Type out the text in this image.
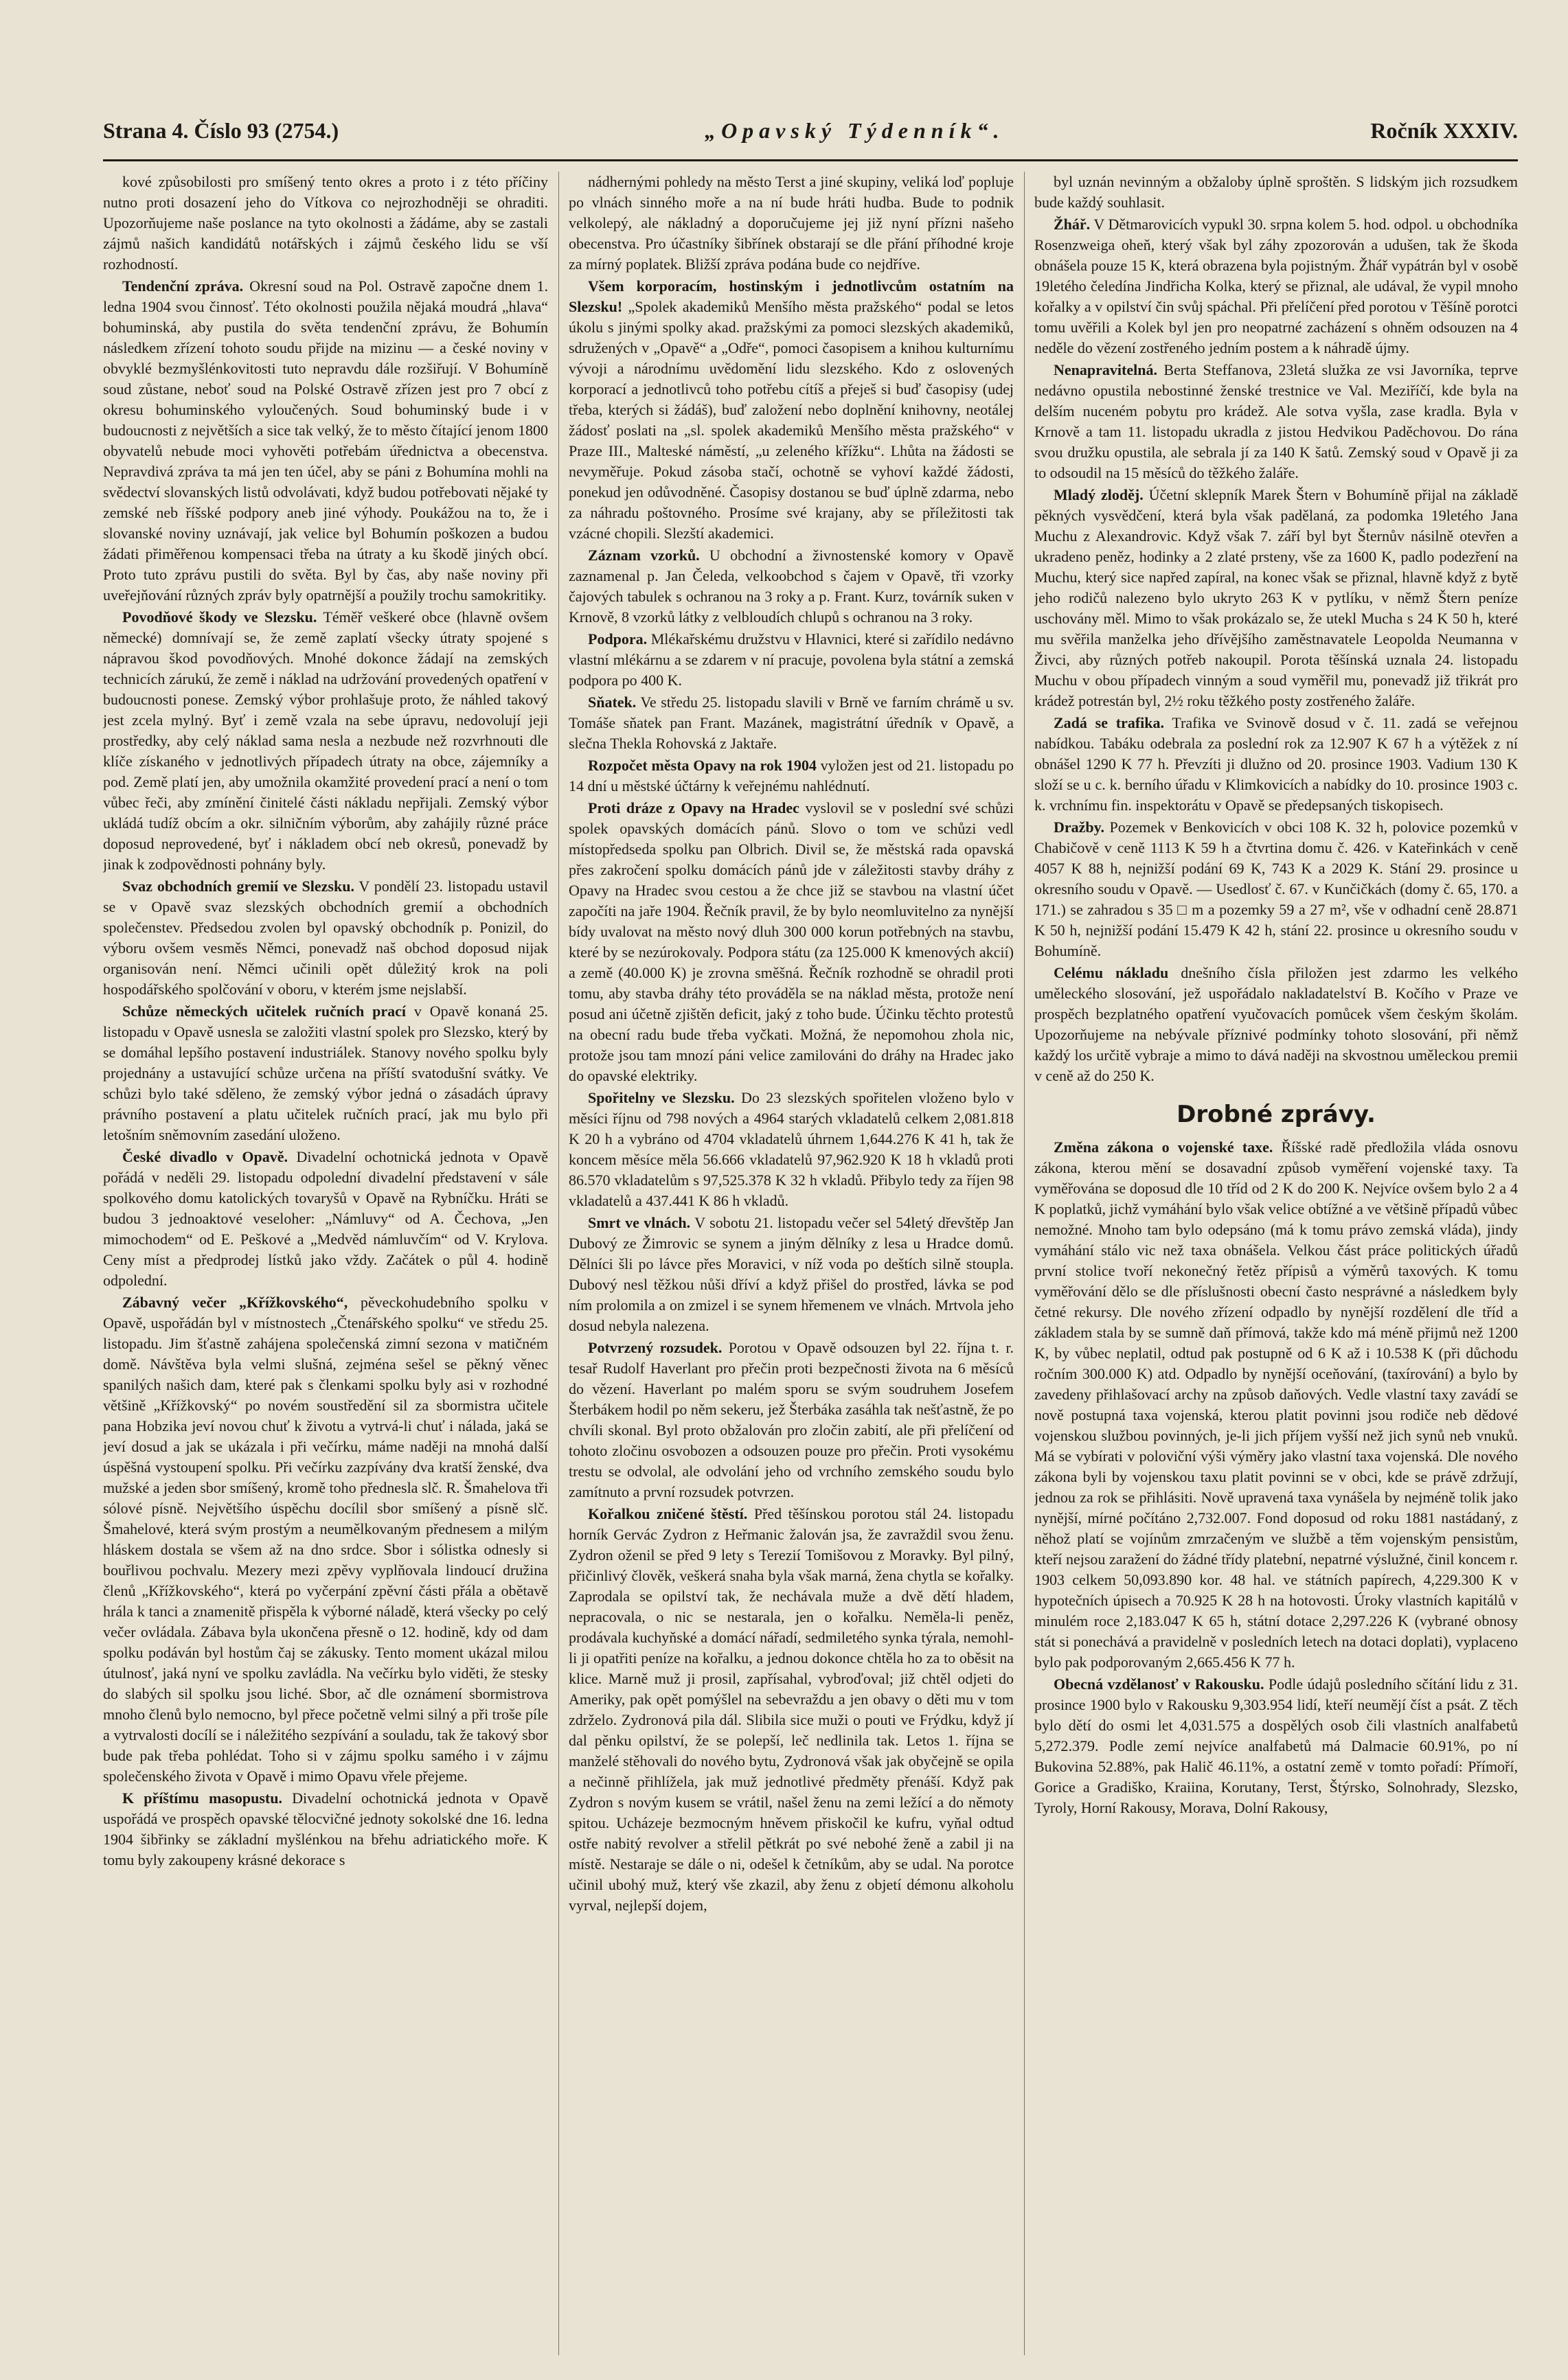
Strana 4. Číslo 93 (2754.)	„Opavský Týdenník“.	Ročník XXXIV.

kové způsobilosti pro smíšený tento okres a proto i z této příčiny nutno proti dosazení jeho do Vítkova co nejrozhodněji se ohraditi. Upozorňujeme naše poslance na tyto okolnosti a žádáme, aby se zastali zájmů našich kandidátů notářských i zájmů českého lidu se vší rozhodností.

Tendenční zpráva. Okresní soud na Pol. Ostravě započne dnem 1. ledna 1904 svou činnosť. Této okolnosti použila nějaká moudrá „hlava“ bohuminská, aby pustila do světa tendenční zprávu, že Bohumín následkem zřízení tohoto soudu přijde na mizinu — a české noviny v obvyklé bezmyšlénkovitosti tuto nepravdu dále rozšiřují. V Bohumíně soud zůstane, neboť soud na Polské Ostravě zřízen jest pro 7 obcí z okresu bohuminského vyloučených. Soud bohuminský bude i v budoucnosti z největších a sice tak velký, že to město čítající jenom 1800 obyvatelů nebude moci vyhověti potřebám úřednictva a obecenstva. Nepravdivá zpráva ta má jen ten účel, aby se páni z Bohumína mohli na svědectví slovanských listů odvolávati, když budou potřebovati nějaké ty zemské neb říšské podpory aneb jiné výhody. Poukážou na to, že i slovanské noviny uznávají, jak velice byl Bohumín poškozen a budou žádati přiměřenou kompensaci třeba na útraty a ku škodě jiných obcí. Proto tuto zprávu pustili do světa. Byl by čas, aby naše noviny při uveřejňování různých zpráv byly opatrnější a použily trochu samokritiky.

Povodňové škody ve Slezsku. Téměř veškeré obce (hlavně ovšem německé) domnívají se, že země zaplatí všecky útraty spojené s nápravou škod povodňových. Mnohé dokonce žádají na zemských technicích zárukú, že země i náklad na udržování provedených opatření v budoucnosti ponese. Zemský výbor prohlašuje proto, že náhled takový jest zcela mylný. Byť i země vzala na sebe úpravu, nedovolují jeji prostředky, aby celý náklad sama nesla a nezbude než rozvrhnouti dle klíče získaného v jednotlivých případech útraty na obce, zájemníky a pod. Země platí jen, aby umožnila okamžité provedení prací a není o tom vůbec řeči, aby zmínění činitelé části nákladu nepřijali. Zemský výbor ukládá tudíž obcím a okr. silničním výborům, aby zahájily různé práce doposud neprovedené, byť i nákladem obcí neb okresů, ponevadž by jinak k zodpovědnosti pohnány byly.

Svaz obchodních gremií ve Slezsku. V pondělí 23. listopadu ustavil se v Opavě svaz slezských obchodních gremií a obchodních společenstev. Předsedou zvolen byl opavský obchodník p. Ponizil, do výboru ovšem vesměs Němci, ponevadž naš obchod doposud nijak organisován není. Němci učinili opět důležitý krok na poli hospodářského spolčování v oboru, v kterém jsme nejslabší.

Schůze německých učitelek ručních prací v Opavě konaná 25. listopadu v Opavě usnesla se založiti vlastní spolek pro Slezsko, který by se domáhal lepšího postavení industriálek. Stanovy nového spolku byly projednány a ustavující schůze určena na příští svatodušní svátky. Ve schůzi bylo také sděleno, že zemský výbor jedná o zásadách úpravy právního postavení a platu učitelek ručních prací, jak mu bylo při letošním sněmovním zasedání uloženo.

České divadlo v Opavě. Divadelní ochotnická jednota v Opavě pořádá v neděli 29. listopadu odpolední divadelní představení v sále spolkového domu katolických tovaryšů v Opavě na Rybníčku. Hráti se budou 3 jednoaktové veseloher: „Námluvy“ od A. Čechova, „Jen mimochodem“ od E. Peškové a „Medvěd námluvčím“ od V. Krylova. Ceny míst a předprodej lístků jako vždy. Začátek o půl 4. hodině odpolední.

Zábavný večer „Křížkovského“, pěveckohudebního spolku v Opavě, uspořádán byl v místnostech „Čtenářského spolku“ ve středu 25. listopadu. Jim šťastně zahájena společenská zimní sezona v matičném domě. Návštěva byla velmi slušná, zejména sešel se pěkný věnec spanilých našich dam, které pak s členkami spolku byly asi v rozhodné většině „Křížkovský“ po novém soustředění sil za sbormistra učitele pana Hobzika jeví novou chuť k životu a vytrvá-li chuť i nálada, jaká se jeví dosud a jak se ukázala i při večírku, máme naději na mnohá další úspěšná vystoupení spolku. Při večírku zazpívány dva kratší ženské, dva mužské a jeden sbor smíšený, kromě toho přednesla slč. R. Šmahelova tři sólové písně. Největšího úspěchu docílil sbor smíšený a písně slč. Šmahelové, která svým prostým a neumělkovaným přednesem a milým hláskem dostala se všem až na dno srdce. Sbor i sólistka odnesly si bouřlivou pochvalu. Mezery mezi zpěvy vyplňovala lindoucí družina členů „Křížkovského“, která po vyčerpání zpěvní části přála a obětavě hrála k tanci a znamenitě přispěla k výborné náladě, která všecky po celý večer ovládala. Zábava byla ukončena přesně o 12. hodině, kdy od dam spolku podáván byl hostům čaj se zákusky. Tento moment ukázal milou útulnosť, jaká nyní ve spolku zavládla. Na večírku bylo viděti, že stesky do slabých sil spolku jsou liché. Sbor, ač dle oznámení sbormistrova mnoho členů bylo nemocno, byl přece početně velmi silný a při troše píle a vytrvalosti docílí se i náležitého sezpívání a souladu, tak že takový sbor bude pak třeba pohlédat. Toho si v zájmu spolku samého i v zájmu společenského života v Opavě i mimo Opavu vřele přejeme.

K příštímu masopustu. Divadelní ochotnická jednota v Opavě uspořádá ve prospěch opavské tělocvičné jednoty sokolské dne 16. ledna 1904 šibřinky se základní myšlénkou na břehu adriatického moře. K tomu byly zakoupeny krásné dekorace s

nádhernými pohledy na město Terst a jiné skupiny, veliká loď popluje po vlnách sinného moře a na ní bude hráti hudba. Bude to podnik velkolepý, ale nákladný a doporučujeme jej již nyní přízni našeho obecenstva. Pro účastníky šibřínek obstarají se dle přání příhodné kroje za mírný poplatek. Bližší zpráva podána bude co nejdříve.

Všem korporacím, hostinským i jednotlivcům ostatním na Slezsku! „Spolek akademiků Menšího města pražského“ podal se letos úkolu s jinými spolky akad. pražskými za pomoci slezských akademiků, sdružených v „Opavě“ a „Odře“, pomoci časopisem a knihou kulturnímu vývoji a národnímu uvědomění lidu slezského. Kdo z oslovených korporací a jednotlivců toho potřebu cítíš a přeješ si buď časopisy (udej třeba, kterých si žádáš), buď založení nebo doplnění knihovny, neotálej žádosť poslati na „sl. spolek akademiků Menšího města pražského“ v Praze III., Malteské náměstí, „u zeleného křížku“. Lhůta na žádosti se nevyměřuje. Pokud zásoba stačí, ochotně se vyhoví každé žádosti, ponekud jen odůvodněné. Časopisy dostanou se buď úplně zdarma, nebo za náhradu poštovného. Prosíme své krajany, aby se příležitosti tak vzácné chopili. Slezští akademici.

Záznam vzorků. U obchodní a živnostenské komory v Opavě zaznamenal p. Jan Čeleda, velkoobchod s čajem v Opavě, tři vzorky čajových tabulek s ochranou na 3 roky a p. Frant. Kurz, továrník suken v Krnově, 8 vzorků látky z velbloudích chlupů s ochranou na 3 roky.

Podpora. Mlékařskému družstvu v Hlavnici, které si zařídilo nedávno vlastní mlékárnu a se zdarem v ní pracuje, povolena byla státní a zemská podpora po 400 K.

Sňatek. Ve středu 25. listopadu slavili v Brně ve farním chrámě u sv. Tomáše sňatek pan Frant. Mazánek, magistrátní úředník v Opavě, a slečna Thekla Rohovská z Jaktaře.

Rozpočet města Opavy na rok 1904 vyložen jest od 21. listopadu po 14 dní u městské účtárny k veřejnému nahlédnutí.

Proti dráze z Opavy na Hradec vyslovil se v poslední své schůzi spolek opavských domácích pánů. Slovo o tom ve schůzi vedl místopředseda spolku pan Olbrich. Divil se, že městská rada opavská přes zakročení spolku domácích pánů jde v záležitosti stavby dráhy z Opavy na Hradec svou cestou a že chce již se stavbou na vlastní účet započíti na jaře 1904. Řečník pravil, že by bylo neomluvitelno za nynější bídy uvalovat na město nový dluh 300 000 korun potřebných na stavbu, které by se nezúrokovaly. Podpora státu (za 125.000 K kmenových akcií) a země (40.000 K) je zrovna směšná. Řečník rozhodně se ohradil proti tomu, aby stavba dráhy této prováděla se na náklad města, protože není posud ani účetně zjištěn deficit, jaký z toho bude. Účinku těchto protestů na obecní radu bude třeba vyčkati. Možná, že nepomohou zhola nic, protože jsou tam mnozí páni velice zamilováni do dráhy na Hradec jako do opavské elektriky.

Spořitelny ve Slezsku. Do 23 slezských spořitelen vloženo bylo v měsíci říjnu od 798 nových a 4964 starých vkladatelů celkem 2,081.818 K 20 h a vybráno od 4704 vkladatelů úhrnem 1,644.276 K 41 h, tak že koncem měsíce měla 56.666 vkladatelů 97,962.920 K 18 h vkladů proti 86.570 vkladatelům s 97,525.378 K 32 h vkladů. Přibylo tedy za říjen 98 vkladatelů a 437.441 K 86 h vkladů.

Smrt ve vlnách. V sobotu 21. listopadu večer sel 54letý dřevštěp Jan Dubový ze Žimrovic se synem a jiným dělníky z lesa u Hradce domů. Dělníci šli po lávce přes Moravici, v níž voda po deštích silně stoupla. Dubový nesl těžkou nůši dříví a když přišel do prostřed, lávka se pod ním prolomila a on zmizel i se synem hřemenem ve vlnách. Mrtvola jeho dosud nebyla nalezena.

Potvrzený rozsudek. Porotou v Opavě odsouzen byl 22. října t. r. tesař Rudolf Haverlant pro přečin proti bezpečnosti života na 6 měsíců do vězení. Haverlant po malém sporu se svým soudruhem Josefem Šterbákem hodil po něm sekeru, jež Šterbáka zasáhla tak nešťastně, že po chvíli skonal. Byl proto obžalován pro zločin zabití, ale při přelíčení od tohoto zločinu osvobozen a odsouzen pouze pro přečin. Proti vysokému trestu se odvolal, ale odvolání jeho od vrchního zemského soudu bylo zamítnuto a první rozsudek potvrzen.

Kořalkou zničené štěstí. Před těšínskou porotou stál 24. listopadu horník Gervác Zydron z Heřmanic žalován jsa, že zavraždil svou ženu. Zydron oženil se před 9 lety s Terezií Tomišovou z Moravky. Byl pilný, přičinlivý člověk, veškerá snaha byla však marná, žena chytla se kořalky. Zaprodala se opilství tak, že nechávala muže a dvě dětí hladem, nepracovala, o nic se nestarala, jen o kořalku. Neměla-li peněz, prodávala kuchyňské a domácí nářadí, sedmiletého synka týrala, nemohl-li ji opatřiti peníze na kořalku, a jednou dokonce chtěla ho za to oběsit na klice. Marně muž ji prosil, zapřísahal, vybroďoval; již chtěl odjeti do Ameriky, pak opět pomýšlel na sebevraždu a jen obavy o děti mu v tom zdrželo. Zydronová pila dál. Slibila sice muži o pouti ve Frýdku, když jí dal pěnku opilství, že se polepší, leč nedlinila tak. Letos 1. října se manželé stěhovali do nového bytu, Zydronová však jak obyčejně se opila a nečinně přihlížela, jak muž jednotlivé předměty přenáší. Když pak Zydron s novým kusem se vrátil, našel ženu na zemi ležící a do němoty spitou. Ucházeje bezmocným hněvem přiskočil ke kufru, vyňal odtud ostře nabitý revolver a střelil pětkrát po své nebohé ženě a zabil ji na místě. Nestaraje se dále o ni, odešel k četníkům, aby se udal. Na porotce učinil ubohý muž, který vše zkazil, aby ženu z objetí démonu alkoholu vyrval, nejlepší dojem,

byl uznán nevinným a obžaloby úplně sproštěn. S lidským jich rozsudkem bude každý souhlasit.

Žhář. V Dětmarovicích vypukl 30. srpna kolem 5. hod. odpol. u obchodníka Rosenzweiga oheň, který však byl záhy zpozorován a udušen, tak že škoda obnášela pouze 15 K, která obrazena byla pojistným. Žhář vypátrán byl v osobě 19letého čeledína Jindřicha Kolka, který se přiznal, ale udával, že vypil mnoho kořalky a v opilství čin svůj spáchal. Při přelíčení před porotou v Těšíně porotci tomu uvěřili a Kolek byl jen pro neopatrné zacházení s ohněm odsouzen na 4 neděle do vězení zostřeného jedním postem a k náhradě újmy.

Nenapravitelná. Berta Steffanova, 23letá služka ze vsi Javorníka, teprve nedávno opustila nebostinné ženské trestnice ve Val. Meziříčí, kde byla na delším nuceném pobytu pro krádež. Ale sotva vyšla, zase kradla. Byla v Krnově a tam 11. listopadu ukradla z jistou Hedvikou Paděchovou. Do rána svou družku opustila, ale sebrala jí za 140 K šatů. Zemský soud v Opavě ji za to odsoudil na 15 měsíců do těžkého žaláře.

Mladý zloděj. Účetní sklepník Marek Štern v Bohumíně přijal na základě pěkných vysvědčení, která byla však padělaná, za podomka 19letého Jana Muchu z Alexandrovic. Když však 7. září byl byt Šternův násilně otevřen a ukradeno peněz, hodinky a 2 zlaté prsteny, vše za 1600 K, padlo podezření na Muchu, který sice napřed zapíral, na konec však se přiznal, hlavně když z bytě jeho rodičů nalezeno bylo ukryto 263 K v pytlíku, v němž Štern peníze uschovány měl. Mimo to však prokázalo se, že utekl Mucha s 24 K 50 h, které mu svěřila manželka jeho dřívějšího zaměstnavatele Leopolda Neumanna v Živci, aby různých potřeb nakoupil. Porota těšínská uznala 24. listopadu Muchu v obou případech vinným a soud vyměřil mu, ponevadž již třikrát pro krádež potrestán byl, 2½ roku těžkého posty zostřeného žaláře.

Zadá se trafika. Trafika ve Svinově dosud v č. 11. zadá se veřejnou nabídkou. Tabáku odebrala za poslední rok za 12.907 K 67 h a výtěžek z ní obnášel 1290 K 77 h. Převzíti ji dlužno od 20. prosince 1903. Vadium 130 K složí se u c. k. berního úřadu v Klimkovicích a nabídky do 10. prosince 1903 c. k. vrchnímu fin. inspektorátu v Opavě se předepsaných tiskopisech.

Dražby. Pozemek v Benkovicích v obci 108 K. 32 h, polovice pozemků v Chabičově v ceně 1113 K 59 h a čtvrtina domu č. 426. v Kateřinkách v ceně 4057 K 88 h, nejnižší podání 69 K, 743 K a 2029 K. Stání 29. prosince u okresního soudu v Opavě. — Usedlosť č. 67. v Kunčičkách (domy č. 65, 170. a 171.) se zahradou s 35 □ m a pozemky 59 a 27 m², vše v odhadní ceně 28.871 K 50 h, nejnižší podání 15.479 K 42 h, stání 22. prosince u okresního soudu v Bohumíně.

Celému nákladu dnešního čísla přiložen jest zdarmo les velkého uměleckého slosování, jež uspořádalo nakladatelství B. Kočího v Praze ve prospěch bezplatného opatření vyučovacích pomůcek všem českým školám. Upozorňujeme na nebývale příznivé podmínky tohoto slosování, při němž každý los určitě vybraje a mimo to dává naději na skvostnou uměleckou premii v ceně až do 250 K.

Drobné zprávy.

Změna zákona o vojenské taxe. Říšské radě předložila vláda osnovu zákona, kterou mění se dosavadní způsob vyměření vojenské taxy. Ta vyměřována se doposud dle 10 tříd od 2 K do 200 K. Nejvíce ovšem bylo 2 a 4 K poplatků, jichž vymáhání bylo však velice obtížné a ve většině případů vůbec nemožné. Mnoho tam bylo odepsáno (má k tomu právo zemská vláda), jindy vymáhání stálo vic než taxa obnášela. Velkou část práce politických úřadů první stolice tvoří nekonečný řetěz přípisů a výměrů taxových. K tomu vyměřování dělo se dle příslušnosti obecní často nesprávné a následkem byly četné rekursy. Dle nového zřízení odpadlo by nynější rozdělení dle tříd a základem stala by se sumně daň přímová, takže kdo má méně přijmů než 1200 K, by vůbec neplatil, odtud pak postupně od 6 K až i 10.538 K (při důchodu ročním 300.000 K) atd. Odpadlo by nynější oceňování, (taxírování) a bylo by zavedeny přihlašovací archy na způsob daňových. Vedle vlastní taxy zavádí se nově postupná taxa vojenská, kterou platit povinni jsou rodiče neb dědové vojenskou službou povinných, je-li jich příjem vyšší než jich synů neb vnuků. Má se vybírati v poloviční výši výměry jako vlastní taxa vojenská. Dle nového zákona byli by vojenskou taxu platit povinni se v obci, kde se právě zdržují, jednou za rok se přihlásiti. Nově upravená taxa vynášela by nejméně tolik jako nynější, mírné počítáno 2,732.007. Fond doposud od roku 1881 nastádaný, z něhož platí se vojínům zmrzačeným ve službě a těm vojenským pensistům, kteří nejsou zaražení do žádné třídy platební, nepatrné výslužné, činil koncem r. 1903 celkem 50,093.890 kor. 48 hal. ve státních papírech, 4,229.300 K v hypotečních úpisech a 70.925 K 28 h na hotovosti. Úroky vlastních kapitálů v minulém roce 2,183.047 K 65 h, státní dotace 2,297.226 K (vybrané obnosy stát si ponechává a pravidelně v posledních letech na dotaci doplati), vyplaceno bylo pak podporovaným 2,665.456 K 77 h.

Obecná vzdělanosť v Rakousku. Podle údajů posledního sčítání lidu z 31. prosince 1900 bylo v Rakousku 9,303.954 lidí, kteří neumějí číst a psát. Z těch bylo dětí do osmi let 4,031.575 a dospělých osob čili vlastních analfabetů 5,272.379. Podle zemí nejvíce analfabetů má Dalmacie 60.91%, po ní Bukovina 52.88%, pak Halič 46.11%, a ostatní země v tomto pořadí: Přímoří, Gorice a Gradiško, Kraiina, Korutany, Terst, Štýrsko, Solnohrady, Slezsko, Tyroly, Horní Rakousy, Morava, Dolní Rakousy,
